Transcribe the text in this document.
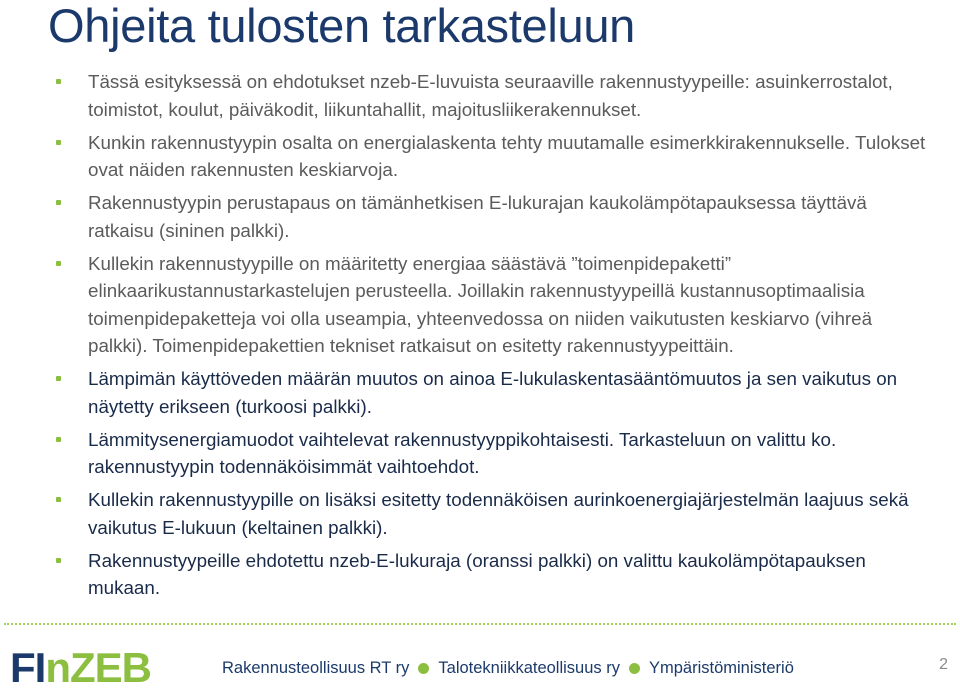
Ohjeita tulosten tarkasteluun
Tässä esityksessä on ehdotukset nzeb-E-luvuista seuraaville rakennustyypeille: asuinkerrostalot, toimistot, koulut, päiväkodit, liikuntahallit, majoitusliikerakennukset.
Kunkin rakennustyypin osalta on energialaskenta tehty muutamalle esimerkkirakennukselle. Tulokset ovat näiden rakennusten keskiarvoja.
Rakennustyypin perustapaus on tämänhetkisen E-lukurajan kaukolämpötapauksessa täyttävä ratkaisu (sininen palkki).
Kullekin rakennustyypille on määritetty energiaa säästävä ”toimenpidepaketti” elinkaarikustannustarkastelujen perusteella. Joillakin rakennustyypeillä kustannusoptimaalisia toimenpidepaketteja voi olla useampia, yhteenvedossa on niiden vaikutusten keskiarvo (vihreä palkki). Toimenpidepakettien tekniset ratkaisut on esitetty rakennustyypeittäin.
Lämpimän käyttöveden määrän muutos on ainoa E-lukulaskentasääntömuutos ja sen vaikutus on näytetty erikseen (turkoosi palkki).
Lämmitysenergiamuodot vaihtelevat rakennustyyppikohtaisesti. Tarkasteluun on valittu ko. rakennustyypin todennäköisimmät vaihtoehdot.
Kullekin rakennustyypille on lisäksi esitetty todennäköisen aurinkoenergiajärjestelmän laajuus sekä vaikutus E-lukuun (keltainen palkki).
Rakennustyypeille ehdotettu nzeb-E-lukuraja (oranssi palkki) on valittu kaukolämpötapauksen mukaan.
FInZEB	Rakennusteollisuus RT ry Talotekniikkateollisuus ry Ympäristöministeriö	2
